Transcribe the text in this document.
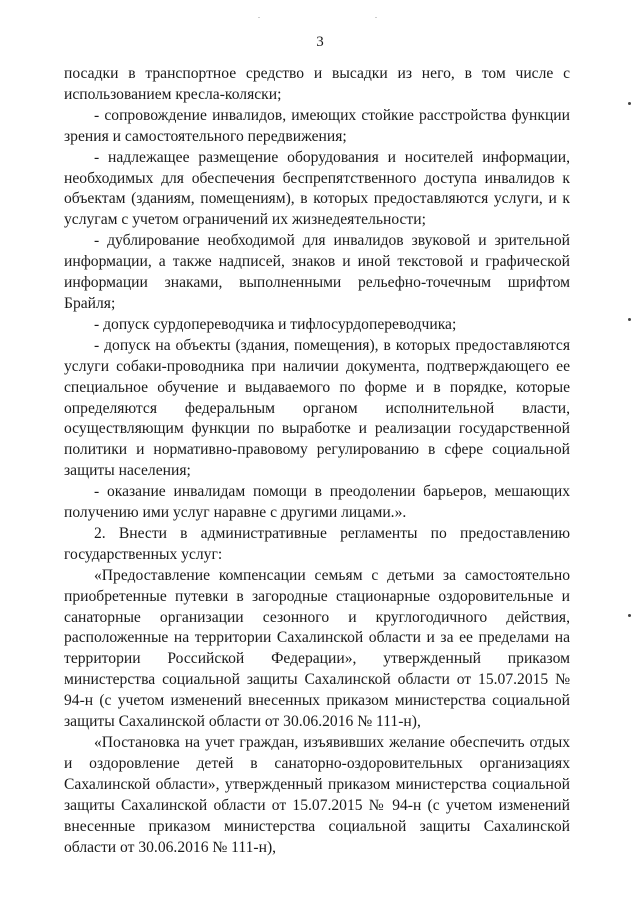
3

посадки в транспортное средство и высадки из него, в том числе с использованием кресла-коляски;

- сопровождение инвалидов, имеющих стойкие расстройства функции зрения и самостоятельного передвижения;

- надлежащее размещение оборудования и носителей информации, необходимых для обеспечения беспрепятственного доступа инвалидов к объектам (зданиям, помещениям), в которых предоставляются услуги, и к услугам с учетом ограничений их жизнедеятельности;

- дублирование необходимой для инвалидов звуковой и зрительной информации, а также надписей, знаков и иной текстовой и графической информации знаками, выполненными рельефно-точечным шрифтом Брайля;

- допуск сурдопереводчика и тифлосурдопереводчика;

- допуск на объекты (здания, помещения), в которых предоставляются услуги собаки-проводника при наличии документа, подтверждающего ее специальное обучение и выдаваемого по форме и в порядке, которые определяются федеральным органом исполнительной власти, осуществляющим функции по выработке и реализации государственной политики и нормативно-правовому регулированию в сфере социальной защиты населения;

- оказание инвалидам помощи в преодолении барьеров, мешающих получению ими услуг наравне с другими лицами.».

2. Внести в административные регламенты по предоставлению государственных услуг:

«Предоставление компенсации семьям с детьми за самостоятельно приобретенные путевки в загородные стационарные оздоровительные и санаторные организации сезонного и круглогодичного действия, расположенные на территории Сахалинской области и за ее пределами на территории Российской Федерации», утвержденный приказом министерства социальной защиты Сахалинской области от 15.07.2015 № 94-н (с учетом изменений внесенных приказом министерства социальной защиты Сахалинской области от 30.06.2016 № 111-н),

«Постановка на учет граждан, изъявивших желание обеспечить отдых и оздоровление детей в санаторно-оздоровительных организациях Сахалинской области», утвержденный приказом министерства социальной защиты Сахалинской области от 15.07.2015 № 94-н (с учетом изменений внесенные приказом министерства социальной защиты Сахалинской области от 30.06.2016 № 111-н),
